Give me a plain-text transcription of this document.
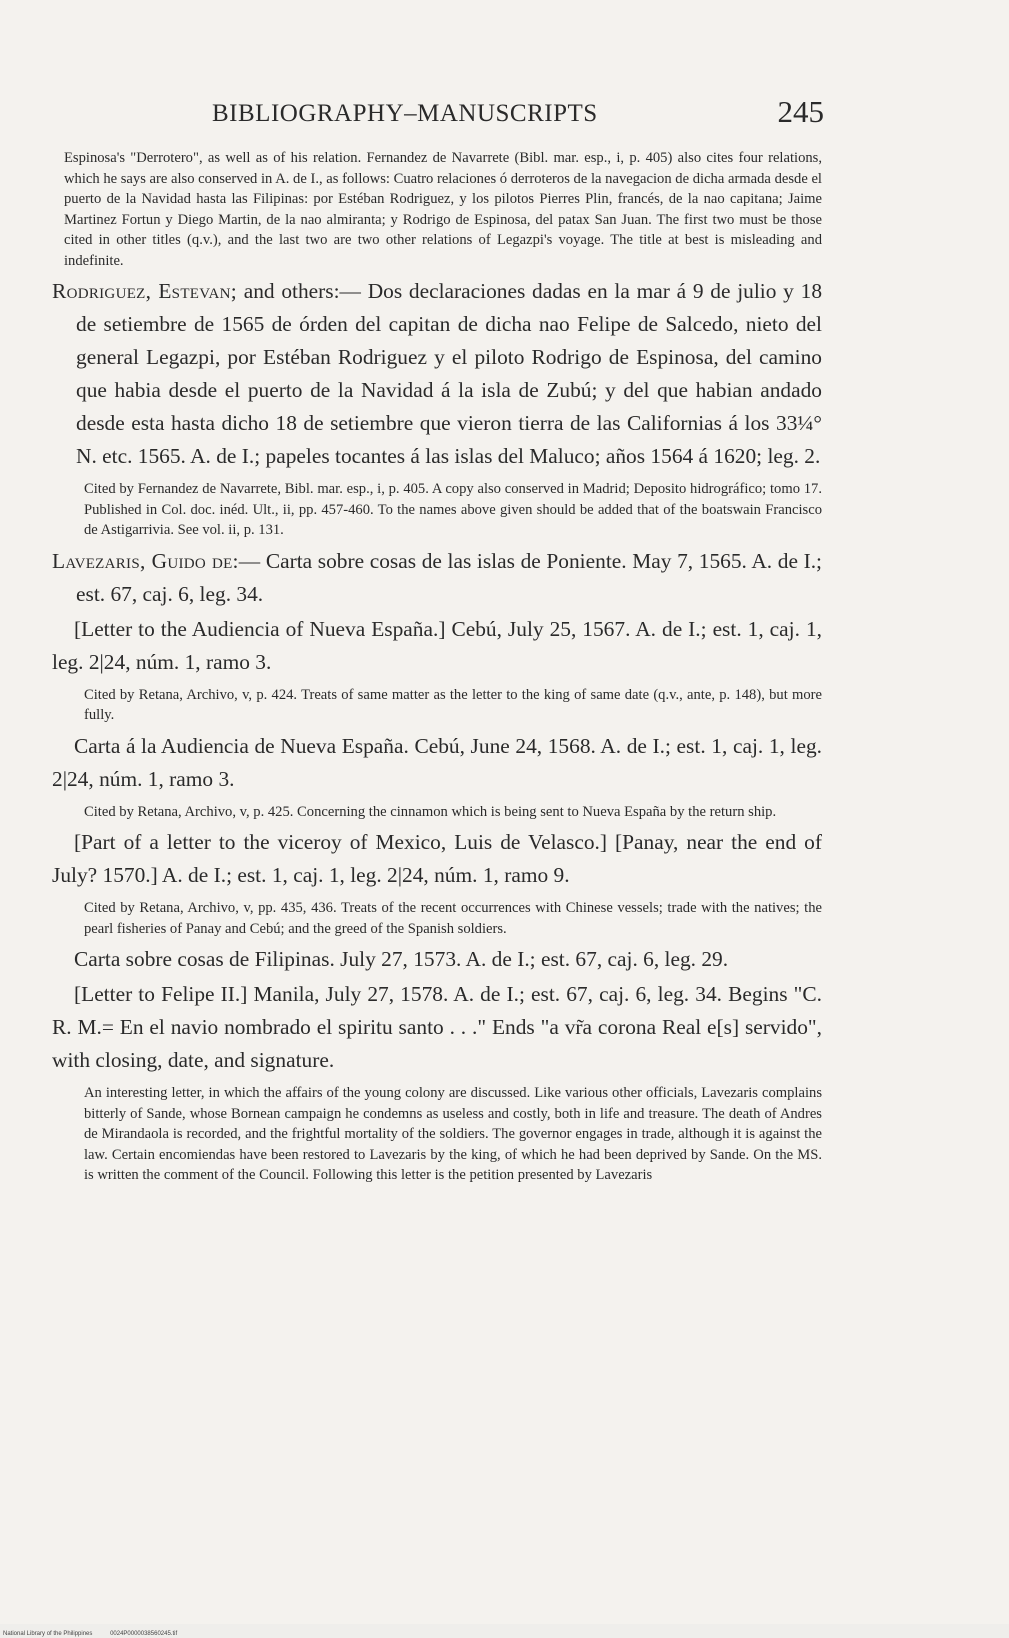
BIBLIOGRAPHY–MANUSCRIPTS	245

Espinosa's "Derrotero", as well as of his relation. Fernandez de Navarrete (Bibl. mar. esp., i, p. 405) also cites four relations, which he says are also conserved in A. de I., as follows: Cuatro relaciones ó derroteros de la navegacion de dicha armada desde el puerto de la Navidad hasta las Filipinas: por Estéban Rodriguez, y los pilotos Pierres Plin, francés, de la nao capitana; Jaime Martinez Fortun y Diego Martin, de la nao almiranta; y Rodrigo de Espinosa, del patax San Juan. The first two must be those cited in other titles (q.v.), and the last two are two other relations of Legazpi's voyage. The title at best is misleading and indefinite.

Rodriguez, Estevan; and others:— Dos declaraciones dadas en la mar á 9 de julio y 18 de setiembre de 1565 de órden del capitan de dicha nao Felipe de Salcedo, nieto del general Legazpi, por Estéban Rodriguez y el piloto Rodrigo de Espinosa, del camino que habia desde el puerto de la Navidad á la isla de Zubú; y del que habian andado desde esta hasta dicho 18 de setiembre que vieron tierra de las Californias á los 33¼° N. etc. 1565. A. de I.; papeles tocantes á las islas del Maluco; años 1564 á 1620; leg. 2.

Cited by Fernandez de Navarrete, Bibl. mar. esp., i, p. 405. A copy also conserved in Madrid; Deposito hidrográfico; tomo 17. Published in Col. doc. inéd. Ult., ii, pp. 457-460. To the names above given should be added that of the boatswain Francisco de Astigarrivia. See vol. ii, p. 131.

Lavezaris, Guido de:— Carta sobre cosas de las islas de Poniente. May 7, 1565. A. de I.; est. 67, caj. 6, leg. 34.

[Letter to the Audiencia of Nueva España.] Cebú, July 25, 1567. A. de I.; est. 1, caj. 1, leg. 2|24, núm. 1, ramo 3.

Cited by Retana, Archivo, v, p. 424. Treats of same matter as the letter to the king of same date (q.v., ante, p. 148), but more fully.

Carta á la Audiencia de Nueva España. Cebú, June 24, 1568. A. de I.; est. 1, caj. 1, leg. 2|24, núm. 1, ramo 3.

Cited by Retana, Archivo, v, p. 425. Concerning the cinnamon which is being sent to Nueva España by the return ship.

[Part of a letter to the viceroy of Mexico, Luis de Velasco.] [Panay, near the end of July? 1570.] A. de I.; est. 1, caj. 1, leg. 2|24, núm. 1, ramo 9.

Cited by Retana, Archivo, v, pp. 435, 436. Treats of the recent occurrences with Chinese vessels; trade with the natives; the pearl fisheries of Panay and Cebú; and the greed of the Spanish soldiers.

Carta sobre cosas de Filipinas. July 27, 1573. A. de I.; est. 67, caj. 6, leg. 29.

[Letter to Felipe II.] Manila, July 27, 1578. A. de I.; est. 67, caj. 6, leg. 34. Begins "C. R. M.= En el navio nombrado el spiritu santo . . ." Ends "a vr̃a corona Real e[s] servido", with closing, date, and signature.

An interesting letter, in which the affairs of the young colony are discussed. Like various other officials, Lavezaris complains bitterly of Sande, whose Bornean campaign he condemns as useless and costly, both in life and treasure. The death of Andres de Mirandaola is recorded, and the frightful mortality of the soldiers. The governor engages in trade, although it is against the law. Certain encomiendas have been restored to Lavezaris by the king, of which he had been deprived by Sande. On the MS. is written the comment of the Council. Following this letter is the petition presented by Lavezaris

National Library of the Philippines	0024P0000038560245.tif
